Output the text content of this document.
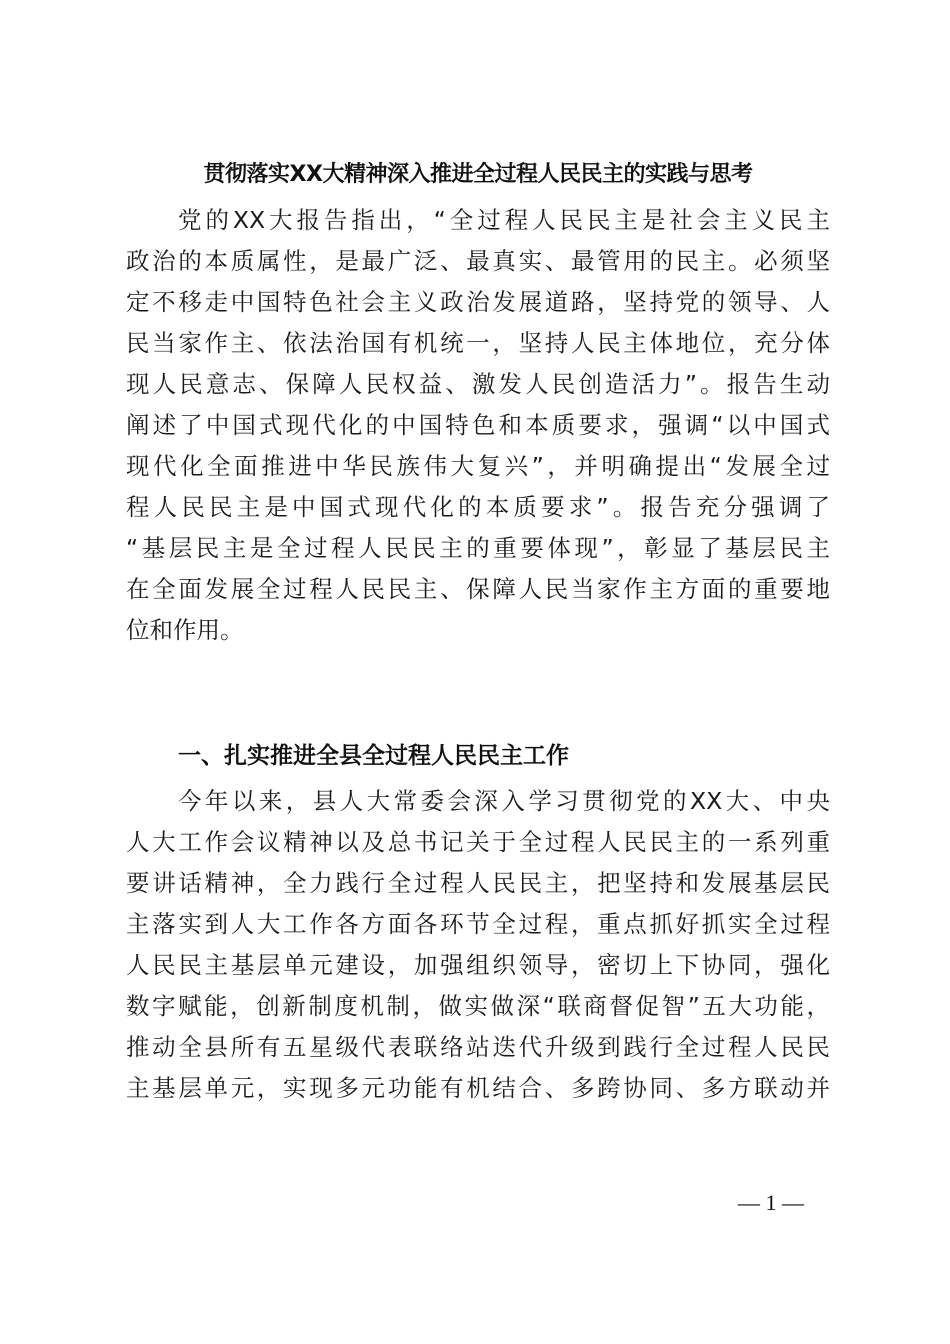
贯彻落实XX大精神深入推进全过程人民民主的实践与思考
党的XX大报告指出，“全过程人民民主是社会主义民主
政治的本质属性，是最广泛、最真实、最管用的民主。必须坚
定不移走中国特色社会主义政治发展道路，坚持党的领导、人
民当家作主、依法治国有机统一，坚持人民主体地位，充分体
现人民意志、保障人民权益、激发人民创造活力”。报告生动
阐述了中国式现代化的中国特色和本质要求，强调“以中国式
现代化全面推进中华民族伟大复兴”，并明确提出“发展全过
程人民民主是中国式现代化的本质要求”。报告充分强调了
“基层民主是全过程人民民主的重要体现”，彰显了基层民主
在全面发展全过程人民民主、保障人民当家作主方面的重要地
位和作用。
一、扎实推进全县全过程人民民主工作
今年以来，县人大常委会深入学习贯彻党的XX大、中央
人大工作会议精神以及总书记关于全过程人民民主的一系列重
要讲话精神，全力践行全过程人民民主，把坚持和发展基层民
主落实到人大工作各方面各环节全过程，重点抓好抓实全过程
人民民主基层单元建设，加强组织领导，密切上下协同，强化
数字赋能，创新制度机制，做实做深“联商督促智”五大功能，
推动全县所有五星级代表联络站迭代升级到践行全过程人民民
主基层单元，实现多元功能有机结合、多跨协同、多方联动并
— 1 —
